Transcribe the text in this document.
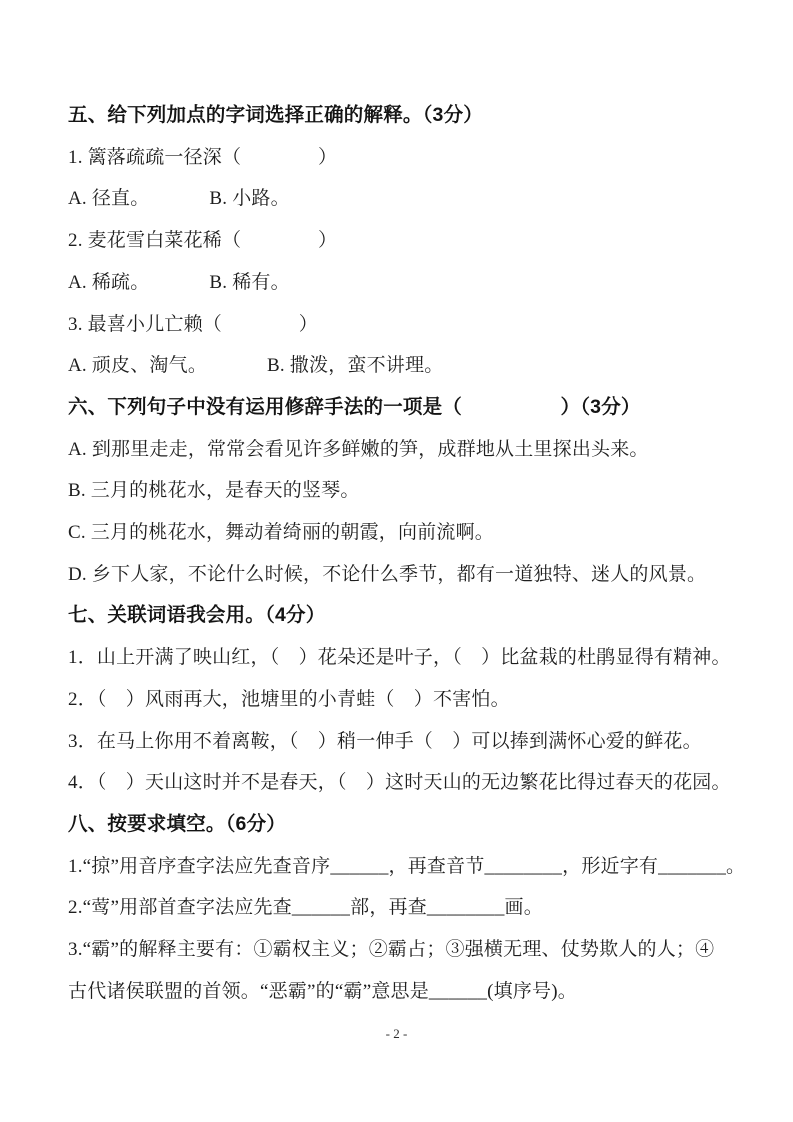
五、给下列加点的字词选择正确的解释。（3分）
1. 篱落疏疏一径深（　　　　）
A. 径直。	B. 小路。
2. 麦花雪白菜花稀（　　　　）
A. 稀疏。	B. 稀有。
3. 最喜小儿亡赖（　　　　）
A. 顽皮、淘气。	B. 撒泼，蛮不讲理。
六、下列句子中没有运用修辞手法的一项是（　　　　　）（3分）
A. 到那里走走，常常会看见许多鲜嫩的笋，成群地从土里探出头来。
B. 三月的桃花水，是春天的竖琴。
C. 三月的桃花水，舞动着绮丽的朝霞，向前流啊。
D. 乡下人家，不论什么时候，不论什么季节，都有一道独特、迷人的风景。
七、关联词语我会用。（4分）
1．山上开满了映山红，（　）花朵还是叶子，（　）比盆栽的杜鹃显得有精神。
2．（　）风雨再大，池塘里的小青蛙（　）不害怕。
3．在马上你用不着离鞍，（　）稍一伸手（　）可以捧到满怀心爱的鲜花。
4．（　）天山这时并不是春天，（　）这时天山的无边繁花比得过春天的花园。
八、按要求填空。（6分）
1.“掠”用音序查字法应先查音序______，再查音节________，形近字有_______。
2.“莺”用部首查字法应先查______部，再查________画。
3.“霸”的解释主要有：①霸权主义；②霸占；③强横无理、仗势欺人的人；④
古代诸侯联盟的首领。“恶霸”的“霸”意思是______(填序号)。
- 2 -
